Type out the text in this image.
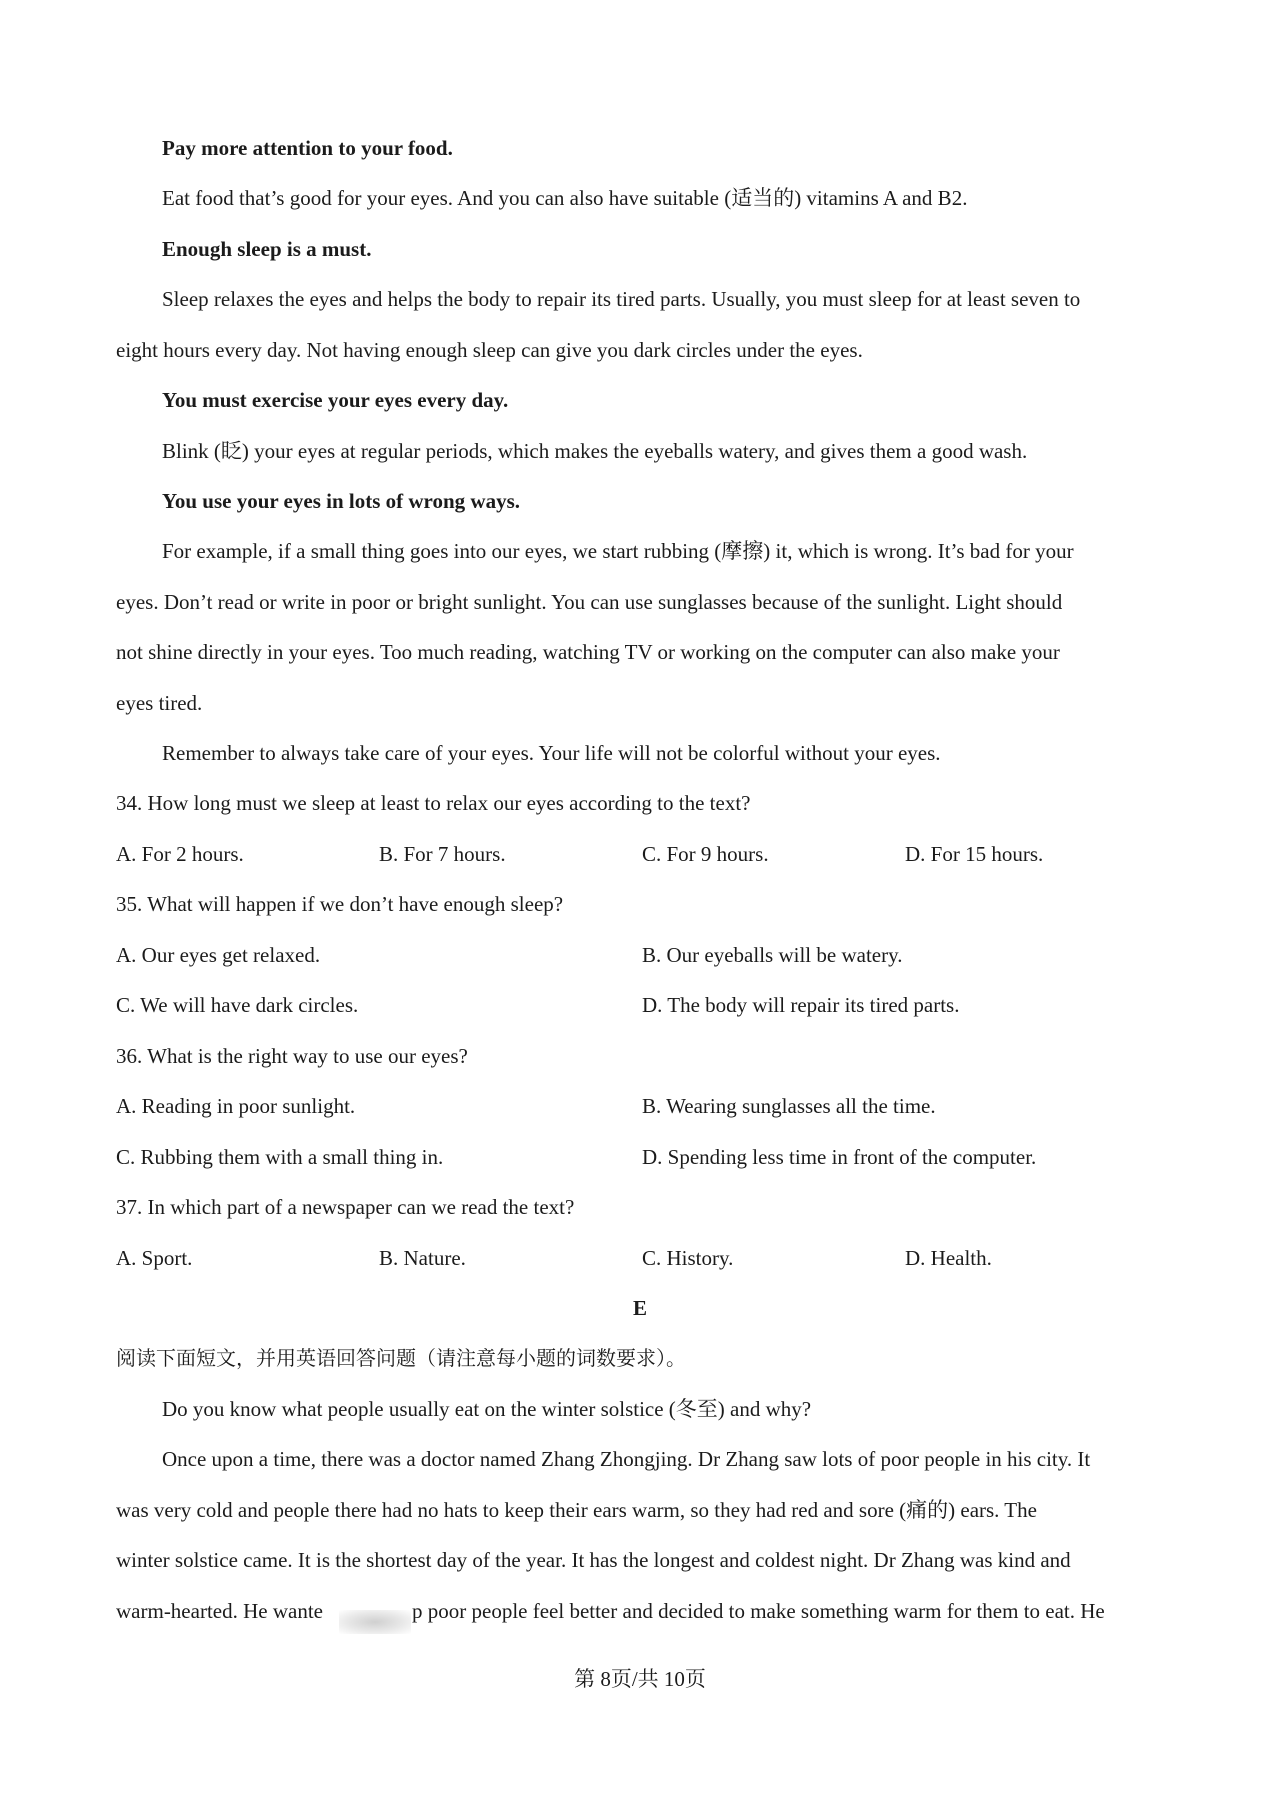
Pay more attention to your food.
Eat food that’s good for your eyes. And you can also have suitable (适当的) vitamins A and B2.
Enough sleep is a must.
Sleep relaxes the eyes and helps the body to repair its tired parts. Usually, you must sleep for at least seven to
eight hours every day. Not having enough sleep can give you dark circles under the eyes.
You must exercise your eyes every day.
Blink (眨) your eyes at regular periods, which makes the eyeballs watery, and gives them a good wash.
You use your eyes in lots of wrong ways.
For example, if a small thing goes into our eyes, we start rubbing (摩擦) it, which is wrong. It’s bad for your
eyes. Don’t read or write in poor or bright sunlight. You can use sunglasses because of the sunlight. Light should
not shine directly in your eyes. Too much reading, watching TV or working on the computer can also make your
eyes tired.
Remember to always take care of your eyes. Your life will not be colorful without your eyes.
34. How long must we sleep at least to relax our eyes according to the text?
A. For 2 hours.	B. For 7 hours.	C. For 9 hours.	D. For 15 hours.
35. What will happen if we don’t have enough sleep?
A. Our eyes get relaxed.	B. Our eyeballs will be watery.
C. We will have dark circles.	D. The body will repair its tired parts.
36. What is the right way to use our eyes?
A. Reading in poor sunlight.	B. Wearing sunglasses all the time.
C. Rubbing them with a small thing in.	D. Spending less time in front of the computer.
37. In which part of a newspaper can we read the text?
A. Sport.	B. Nature.	C. History.	D. Health.
E
阅读下面短文，并用英语回答问题（请注意每小题的词数要求）。
Do you know what people usually eat on the winter solstice (冬至) and why?
Once upon a time, there was a doctor named Zhang Zhongjing. Dr Zhang saw lots of poor people in his city. It
was very cold and people there had no hats to keep their ears warm, so they had red and sore (痛的) ears. The
winter solstice came. It is the shortest day of the year. It has the longest and coldest night. Dr Zhang was kind and
warm-hearted. He wante	p poor people feel better and decided to make something warm for them to eat. He
第 8页/共 10页
